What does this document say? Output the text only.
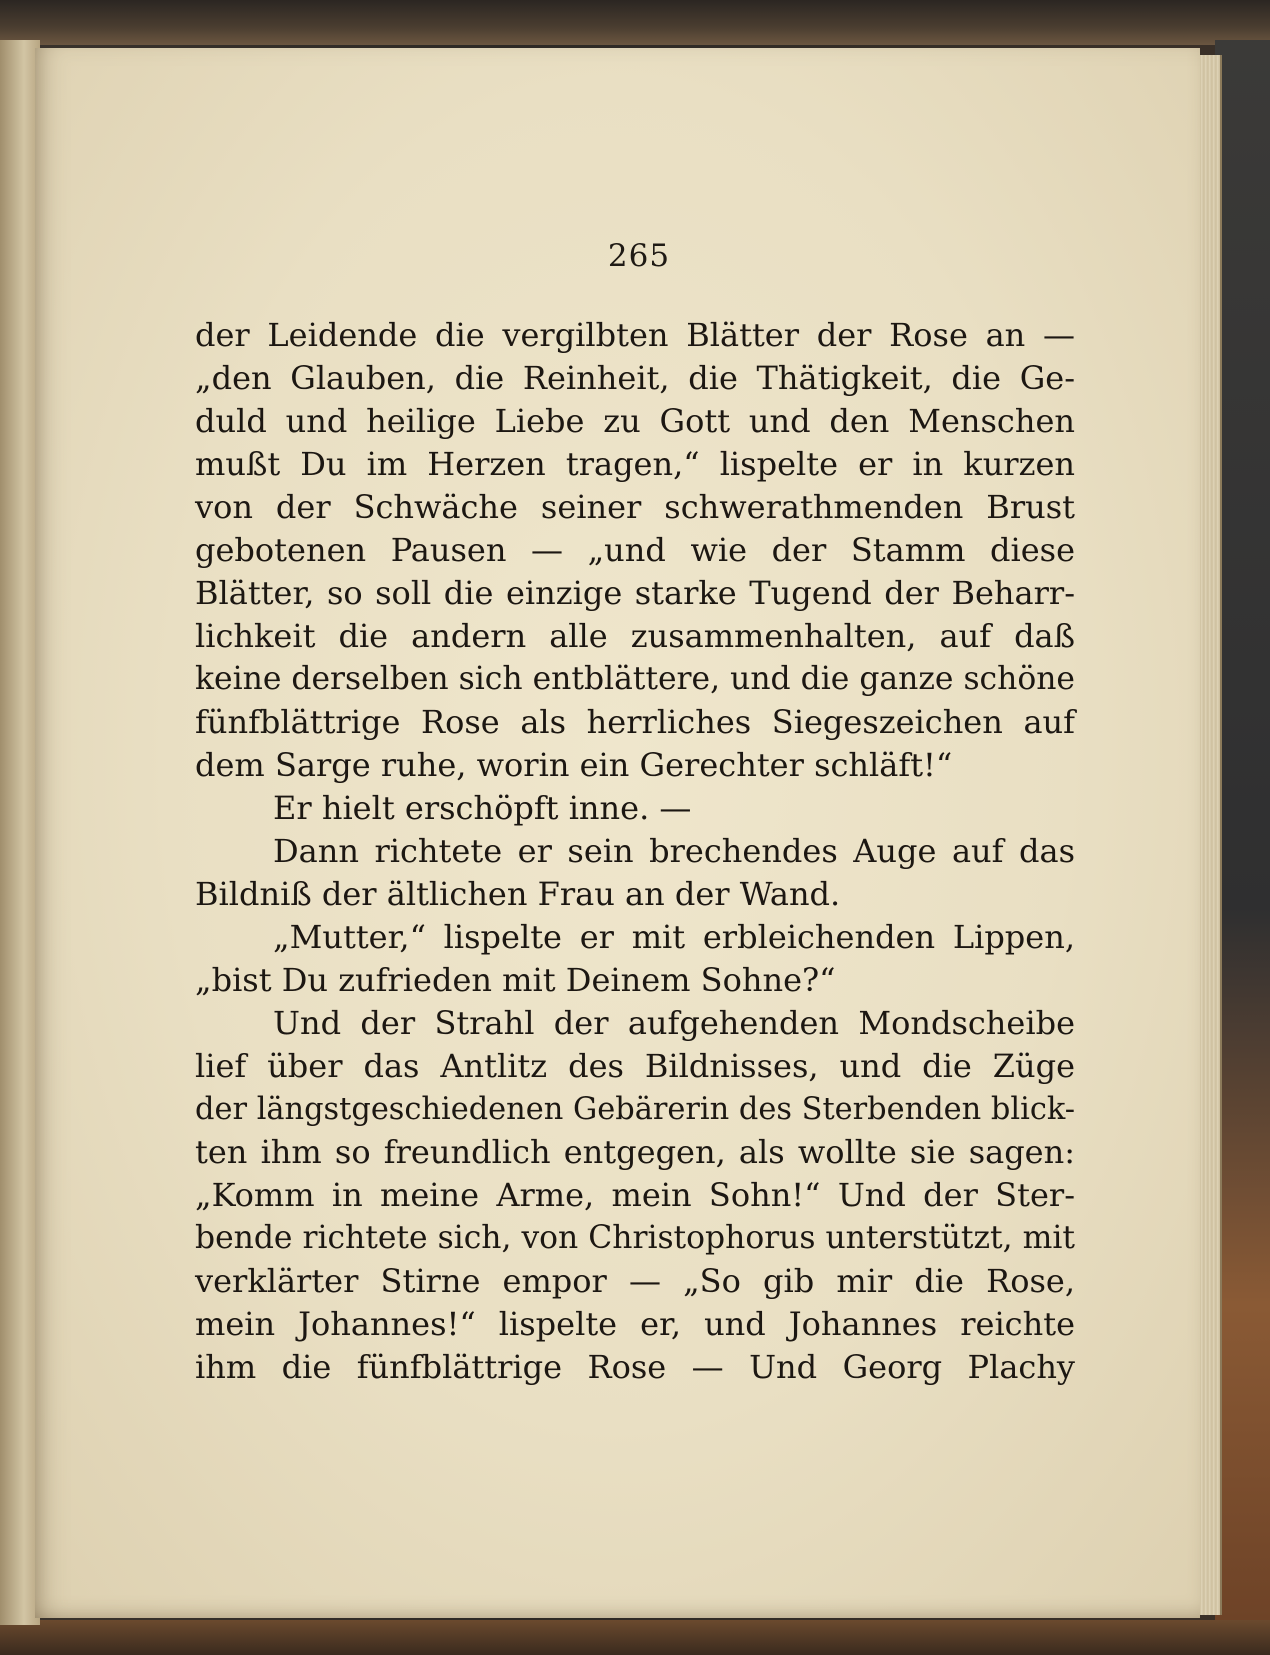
265
der Leidende die vergilbten Blätter der Rose an —
„den Glauben, die Reinheit, die Thätigkeit, die Ge-
duld und heilige Liebe zu Gott und den Menschen
mußt Du im Herzen tragen,“ lispelte er in kurzen
von der Schwäche seiner schwerathmenden Brust
gebotenen Pausen — „und wie der Stamm diese
Blätter, so soll die einzige starke Tugend der Beharr-
lichkeit die andern alle zusammenhalten, auf daß
keine derselben sich entblättere, und die ganze schöne
fünfblättrige Rose als herrliches Siegeszeichen auf
dem Sarge ruhe, worin ein Gerechter schläft!“
Er hielt erschöpft inne. —
Dann richtete er sein brechendes Auge auf das
Bildniß der ältlichen Frau an der Wand.
„Mutter,“ lispelte er mit erbleichenden Lippen,
„bist Du zufrieden mit Deinem Sohne?“
Und der Strahl der aufgehenden Mondscheibe
lief über das Antlitz des Bildnisses, und die Züge
der längstgeschiedenen Gebärerin des Sterbenden blick-
ten ihm so freundlich entgegen, als wollte sie sagen:
„Komm in meine Arme, mein Sohn!“ Und der Ster-
bende richtete sich, von Christophorus unterstützt, mit
verklärter Stirne empor — „So gib mir die Rose,
mein Johannes!“ lispelte er, und Johannes reichte
ihm die fünfblättrige Rose — Und Georg Plachy
